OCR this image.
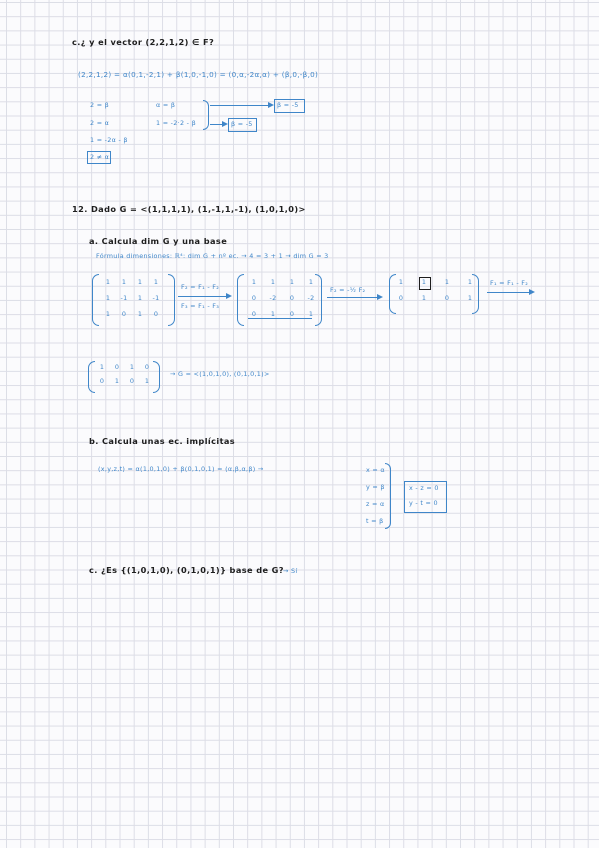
c.¿ y el vector (2,2,1,2) ∈ F?
(2,2,1,2) = α(0,1,-2,1) + β(1,0,-1,0) = (0,α,-2α,α) + (β,0,-β,0)
2 = β
2 = α
1 = -2α - β
2 ≠ α
α = β
1 = -2·2 - β
β = -5
β = -5
12. Dado G = <(1,1,1,1), (1,-1,1,-1), (1,0,1,0)>
a. Calcula dim G y una base
Fórmula dimensiones: ℝ⁴: dim G + nº ec. → 4 = 3 + 1 → dim G = 3
1	1	1	1
1	-1	1	-1
1	0	1	0
F₂ = F₁ - F₂
F₃ = F₁ - F₃
1	1	1	1
0	-2	0	-2
0	1	0	1
F₂ = -½ F₂
1	1	1	1
0	1	0	1
F₁ = F₁ - F₂
1	0	1	0
0	1	0	1
→ G = <(1,0,1,0), (0,1,0,1)>
b. Calcula unas ec. implícitas
(x,y,z,t) = α(1,0,1,0) + β(0,1,0,1) = (α,β,α,β) →	x = α
y = β
z = α
t = β
x - z = 0
y - t = 0
c. ¿Es {(1,0,1,0), (0,1,0,1)} base de G? → Sí
